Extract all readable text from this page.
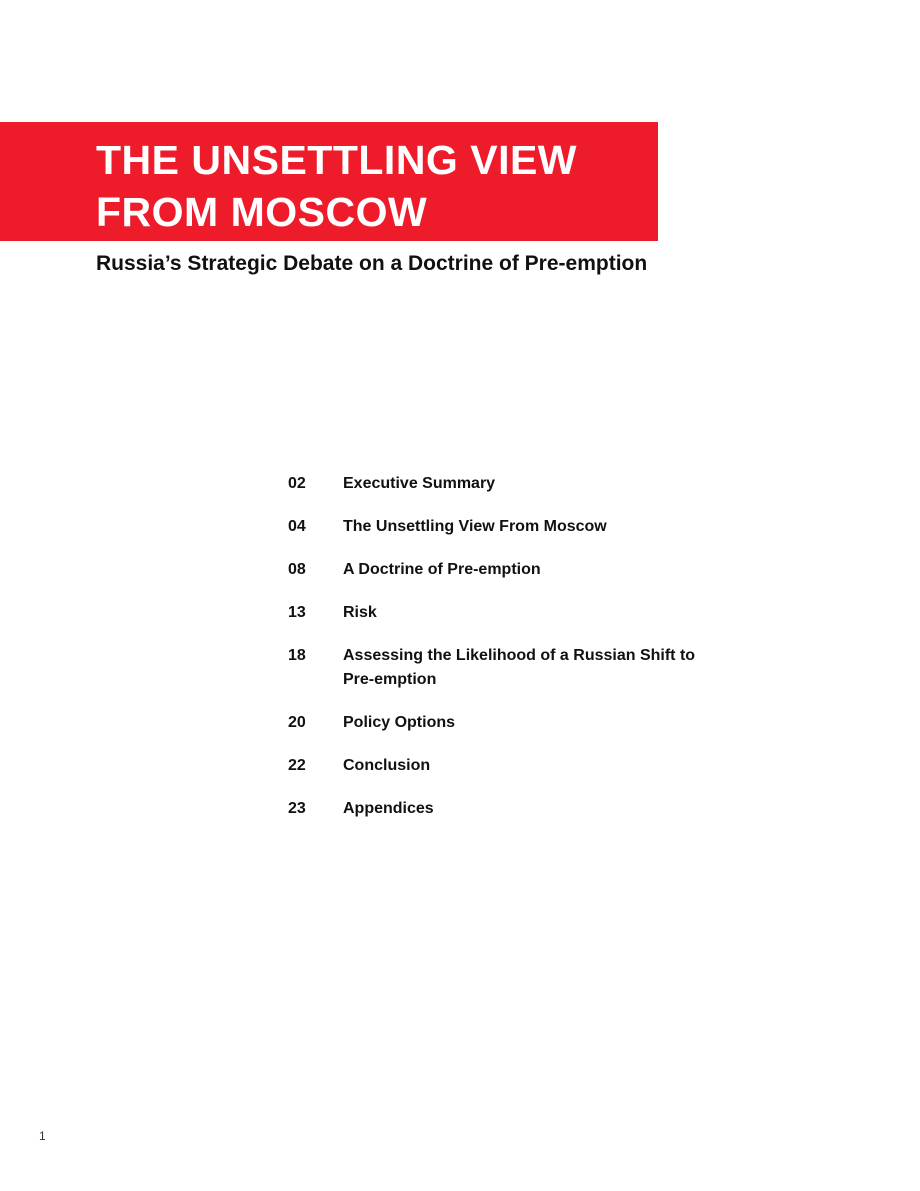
THE UNSETTLING VIEW
FROM MOSCOW
Russia’s Strategic Debate on a Doctrine of Pre-emption
02	Executive Summary
04	The Unsettling View From Moscow
08	A Doctrine of Pre-emption
13	Risk
18	Assessing the Likelihood of a Russian Shift to Pre-emption
20	Policy Options
22	Conclusion
23	Appendices
1
